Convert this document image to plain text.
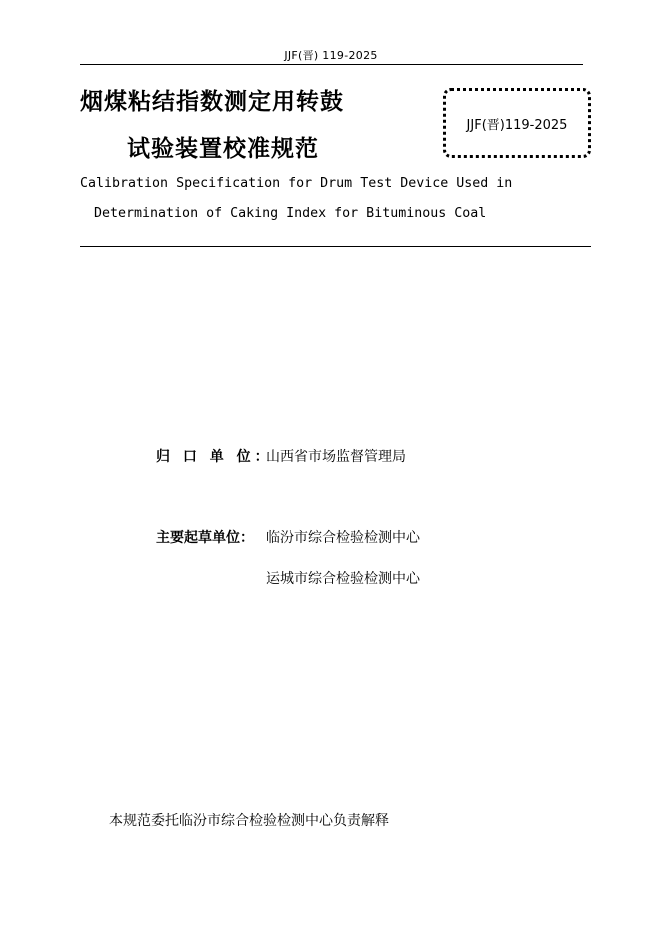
JJF(晋) 119-2025
烟煤粘结指数测定用转鼓
试验装置校准规范
JJF(晋)119-2025
Calibration Specification for Drum Test Device Used in
Determination of Caking Index for Bituminous Coal
归 口 单 位：
山西省市场监督管理局
主要起草单位： 临汾市综合检验检测中心
运城市综合检验检测中心
本规范委托临汾市综合检验检测中心负责解释
